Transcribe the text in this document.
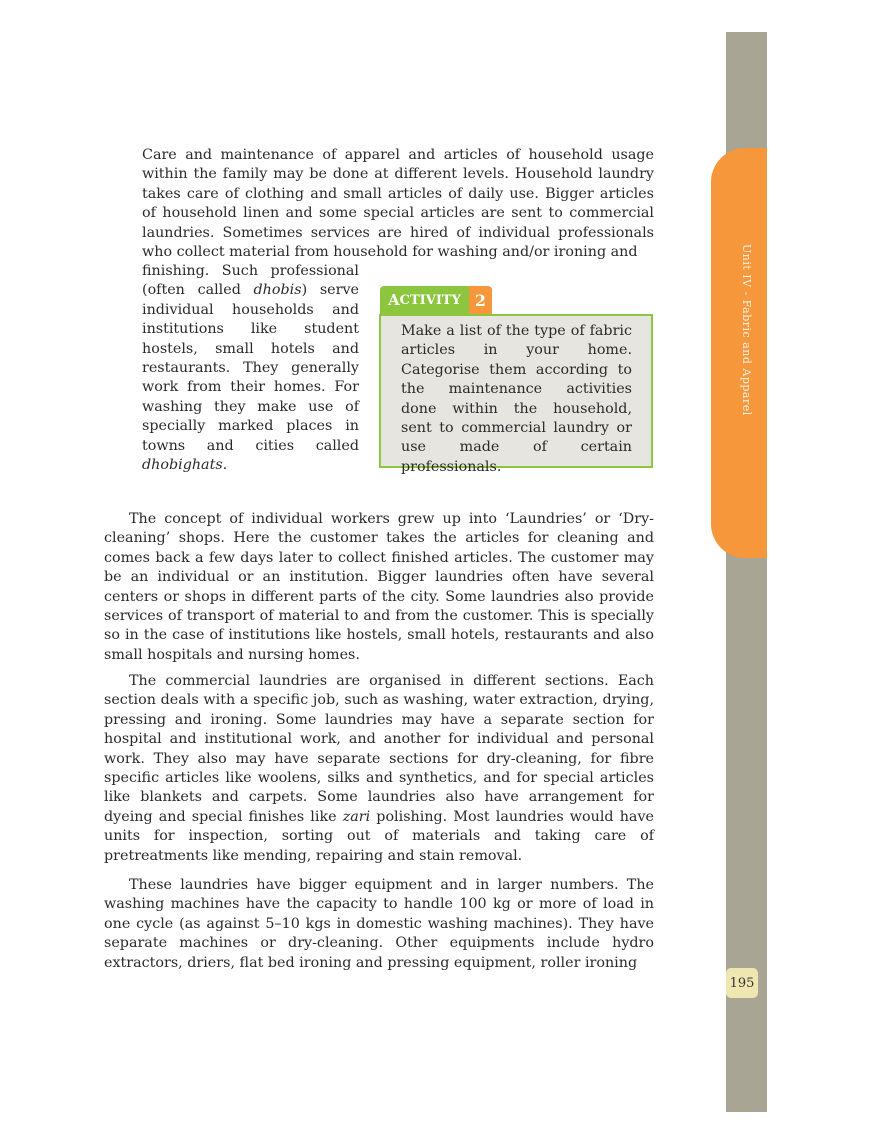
Unit IV - Fabric and Apparel
195
Care and maintenance of apparel and articles of household usage within the family may be done at different levels. Household laundry takes care of clothing and small articles of daily use. Bigger articles of household linen and some special articles are sent to commercial laundries. Sometimes services are hired of individual professionals who collect material from household for washing and/or ironing and
finishing. Such professional (often called dhobis) serve individual households and institutions like student hostels, small hotels and restaurants. They generally work from their homes. For washing they make use of specially marked places in towns and cities called dhobighats.
A CTIVITY 2
Make a list of the type of fabric articles in your home. Categorise them according to the maintenance activities done within the household, sent to commercial laundry or use made of certain professionals.
The concept of individual workers grew up into ‘Laundries’ or ‘Dry-cleaning’ shops. Here the customer takes the articles for cleaning and comes back a few days later to collect finished articles. The customer may be an individual or an institution. Bigger laundries often have several centers or shops in different parts of the city. Some laundries also provide services of transport of material to and from the customer. This is specially so in the case of institutions like hostels, small hotels, restaurants and also small hospitals and nursing homes.
The commercial laundries are organised in different sections. Each section deals with a specific job, such as washing, water extraction, drying, pressing and ironing. Some laundries may have a separate section for hospital and institutional work, and another for individual and personal work. They also may have separate sections for dry-cleaning, for fibre specific articles like woolens, silks and synthetics, and for special articles like blankets and carpets. Some laundries also have arrangement for dyeing and special finishes like zari polishing. Most laundries would have units for inspection, sorting out of materials and taking care of pretreatments like mending, repairing and stain removal.
These laundries have bigger equipment and in larger numbers. The washing machines have the capacity to handle 100 kg or more of load in one cycle (as against 5–10 kgs in domestic washing machines). They have separate machines or dry-cleaning. Other equipments include hydro extractors, driers, flat bed ironing and pressing equipment, roller ironing
